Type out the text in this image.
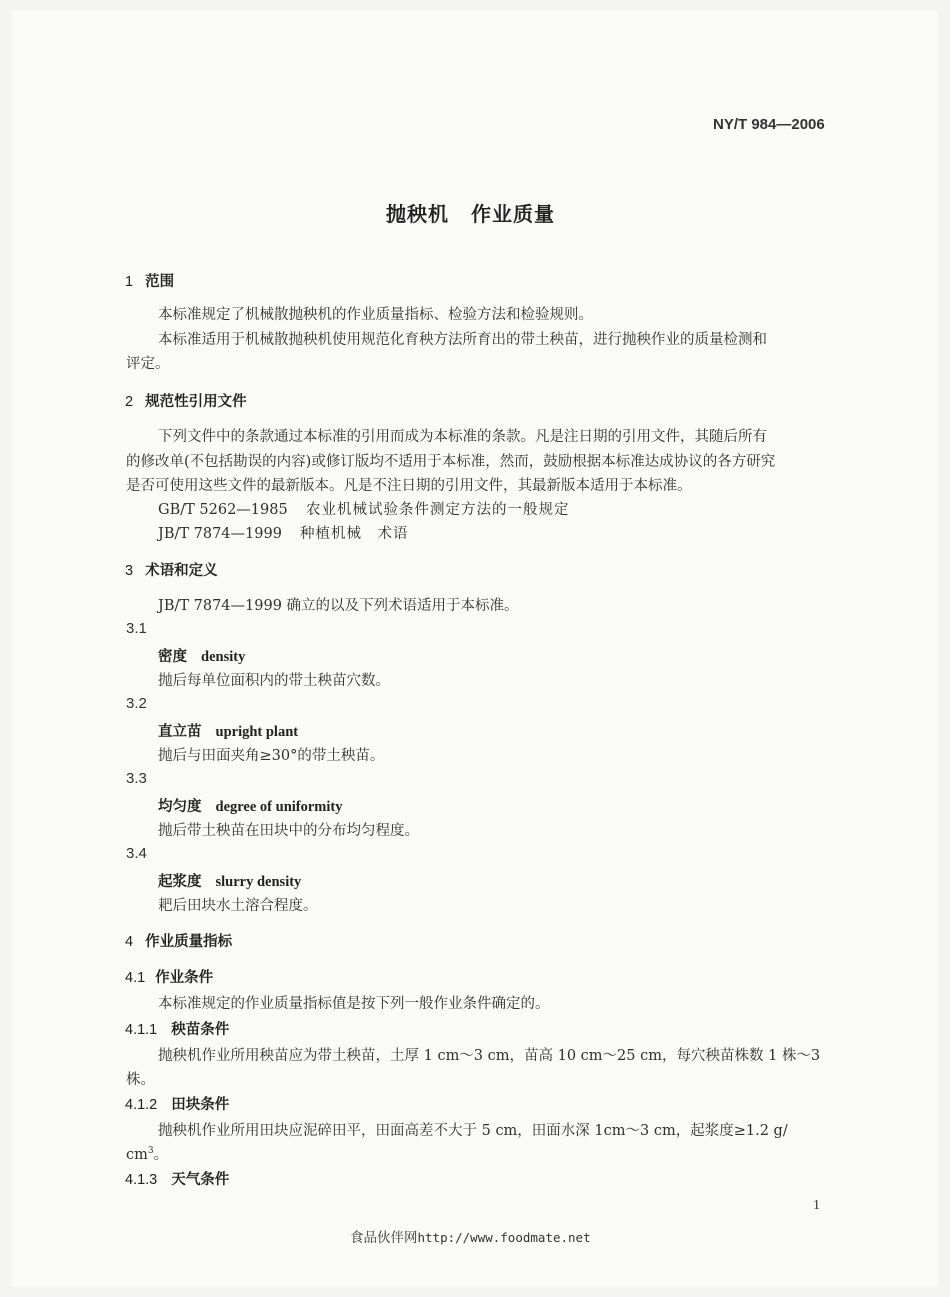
NY/T 984—2006
抛秧机 作业质量
1 范围
本标准规定了机械散抛秧机的作业质量指标、检验方法和检验规则。
本标准适用于机械散抛秧机使用规范化育秧方法所育出的带土秧苗，进行抛秧作业的质量检测和
评定。
2 规范性引用文件
下列文件中的条款通过本标准的引用而成为本标准的条款。凡是注日期的引用文件，其随后所有
的修改单(不包括勘误的内容)或修订版均不适用于本标准，然而，鼓励根据本标准达成协议的各方研究
是否可使用这些文件的最新版本。凡是不注日期的引用文件，其最新版本适用于本标准。
GB/T 5262—1985 农业机械试验条件测定方法的一般规定
JB/T 7874—1999 种植机械　术语
3 术语和定义
JB/T 7874—1999 确立的以及下列术语适用于本标准。
3.1
密度 density
抛后每单位面积内的带土秧苗穴数。
3.2
直立苗 upright plant
抛后与田面夹角≥30°的带土秧苗。
3.3
均匀度 degree of uniformity
抛后带土秧苗在田块中的分布均匀程度。
3.4
起浆度 slurry density
耙后田块水土溶合程度。
4 作业质量指标
4.1 作业条件
本标准规定的作业质量指标值是按下列一般作业条件确定的。
4.1.1 秧苗条件
抛秧机作业所用秧苗应为带土秧苗，土厚 1 cm～3 cm，苗高 10 cm～25 cm，每穴秧苗株数 1 株～3
株。
4.1.2 田块条件
抛秧机作业所用田块应泥碎田平，田面高差不大于 5 cm，田面水深 1cm～3 cm，起浆度≥1.2 g/
$cm^3$。
4.1.3 天气条件
1
食品伙伴网http://www.foodmate.net
